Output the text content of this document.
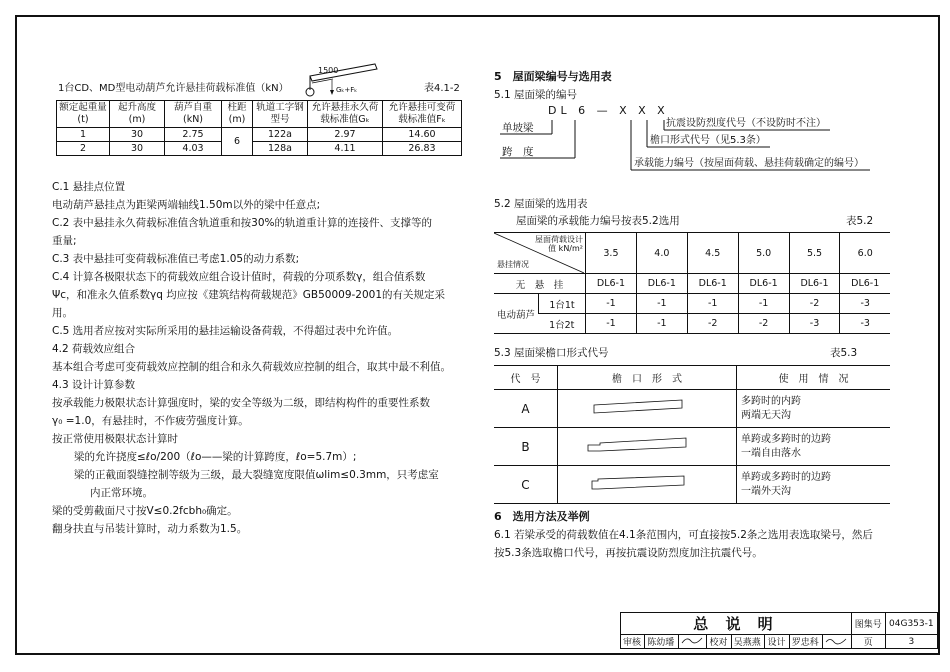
1台CD、MD型电动葫芦允许悬挂荷载标准值（kN）	表4.1-2
1500
Gₖ+Fₖ
额定起重量(t)	起升高度(m)	葫芦自重(kN)	柱距(m)	轨道工字钢型号	允许悬挂永久荷载标准值Gₖ	允许悬挂可变荷载标准值Fₖ
1	30	2.75	6	122a	2.97	14.60
2	30	4.03		128a	4.11	26.83
C.1 悬挂点位置
电动葫芦悬挂点为距梁两端轴线1.50m以外的梁中任意点;
C.2 表中悬挂永久荷载标准值含轨道重和按30%的轨道重计算的连接件、支撑等的
重量;
C.3 表中悬挂可变荷载标准值已考虑1.05的动力系数;
C.4 计算各极限状态下的荷载效应组合设计值时，荷载的分项系数γ，组合值系数
Ψc，和准永久值系数γq 均应按《建筑结构荷载规范》GB50009-2001的有关规定采
用。
C.5 选用者应按对实际所采用的悬挂运输设备荷载，不得超过表中允许值。
4.2 荷载效应组合
基本组合考虑可变荷载效应控制的组合和永久荷载效应控制的组合，取其中最不利值。
4.3 设计计算参数
按承载能力极限状态计算强度时，梁的安全等级为二级，即结构构件的重要性系数
γ₀ =1.0，有悬挂时，不作疲劳强度计算。
按正常使用极限状态计算时
梁的允许挠度≤ℓo/200（ℓo——梁的计算跨度，ℓo=5.7m）;
梁的正截面裂缝控制等级为三级，最大裂缝宽度限值ωlim≤0.3mm，只考虑室
内正常环境。
梁的受剪截面尺寸按V≤0.2fcbh₀确定。
翻身扶直与吊装计算时，动力系数为1.5。
5　屋面梁编号与选用表
5.1 屋面梁的编号
DL 6 — X X X
单坡梁
跨　度
抗震设防烈度代号（不设防时不注）
檐口形式代号（见5.3条）
承载能力编号（按屋面荷载、悬挂荷载确定的编号）
5.2 屋面梁的选用表
屋面梁的承载能力编号按表5.2选用	表5.2
屋面荷载设计值 kN/m²
悬挂情况		3.5	4.0	4.5	5.0	5.5	6.0
无　悬　挂		DL6-1	DL6-1	DL6-1	DL6-1	DL6-1	DL6-1
电动葫芦	1台1t	-1	-1	-1	-1	-2	-3
	1台2t	-1	-1	-2	-2	-3	-3
5.3 屋面梁檐口形式代号	表5.3
代　号	檐　口　形　式	使　用　情　况
A		多跨时的内跨
两端无天沟

B		单跨或多跨时的边跨
一端自由落水

C		单跨或多跨时的边跨
一端外天沟
6　选用方法及举例
6.1 若梁承受的荷载数值在4.1条范围内，可直接按5.2条之选用表选取梁号，然后
按5.3条选取檐口代号，再按抗震设防烈度加注抗震代号。
总 说 明								图集号	04G353-1
审核	陈幼璠		校对	吴燕燕	设计	罗忠科		页	3
